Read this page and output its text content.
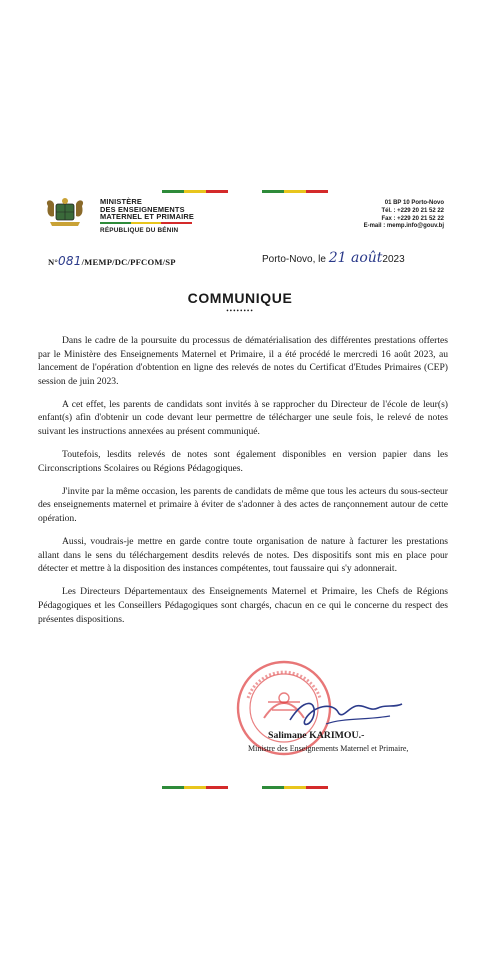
MINISTÈRE
DES ENSEIGNEMENTS
MATERNEL ET PRIMAIRE
RÉPUBLIQUE DU BÉNIN
01 BP 10 Porto-Novo
Tél. : +229 20 21 52 22
Fax : +229 20 21 52 22
E-mail : memp.info@gouv.bj
N°081/MEMP/DC/PFCOM/SP	Porto-Novo, le 21 août2023
COMMUNIQUE
••••••••

Dans le cadre de la poursuite du processus de dématérialisation des différentes prestations offertes par le Ministère des Enseignements Maternel et Primaire, il a été procédé le mercredi 16 août 2023, au lancement de l'opération d'obtention en ligne des relevés de notes du Certificat d'Etudes Primaires (CEP) session de juin 2023.

A cet effet, les parents de candidats sont invités à se rapprocher du Directeur de l'école de leur(s) enfant(s) afin d'obtenir un code devant leur permettre de télécharger une seule fois, le relevé de notes suivant les instructions annexées au présent communiqué.

Toutefois, lesdits relevés de notes sont également disponibles en version papier dans les Circonscriptions Scolaires ou Régions Pédagogiques.

J'invite par la même occasion, les parents de candidats de même que tous les acteurs du sous-secteur des enseignements maternel et primaire à éviter de s'adonner à des actes de rançonnement autour de cette opération.

Aussi, voudrais-je mettre en garde contre toute organisation de nature à facturer les prestations allant dans le sens du téléchargement desdits relevés de notes. Des dispositifs sont mis en place pour détecter et mettre à la disposition des instances compétentes, tout faussaire qui s'y adonnerait.

Les Directeurs Départementaux des Enseignements Maternel et Primaire, les Chefs de Régions Pédagogiques et les Conseillers Pédagogiques sont chargés, chacun en ce qui le concerne du respect des présentes dispositions.

Salimane KARIMOU.-
Ministre des Enseignements Maternel et Primaire,
